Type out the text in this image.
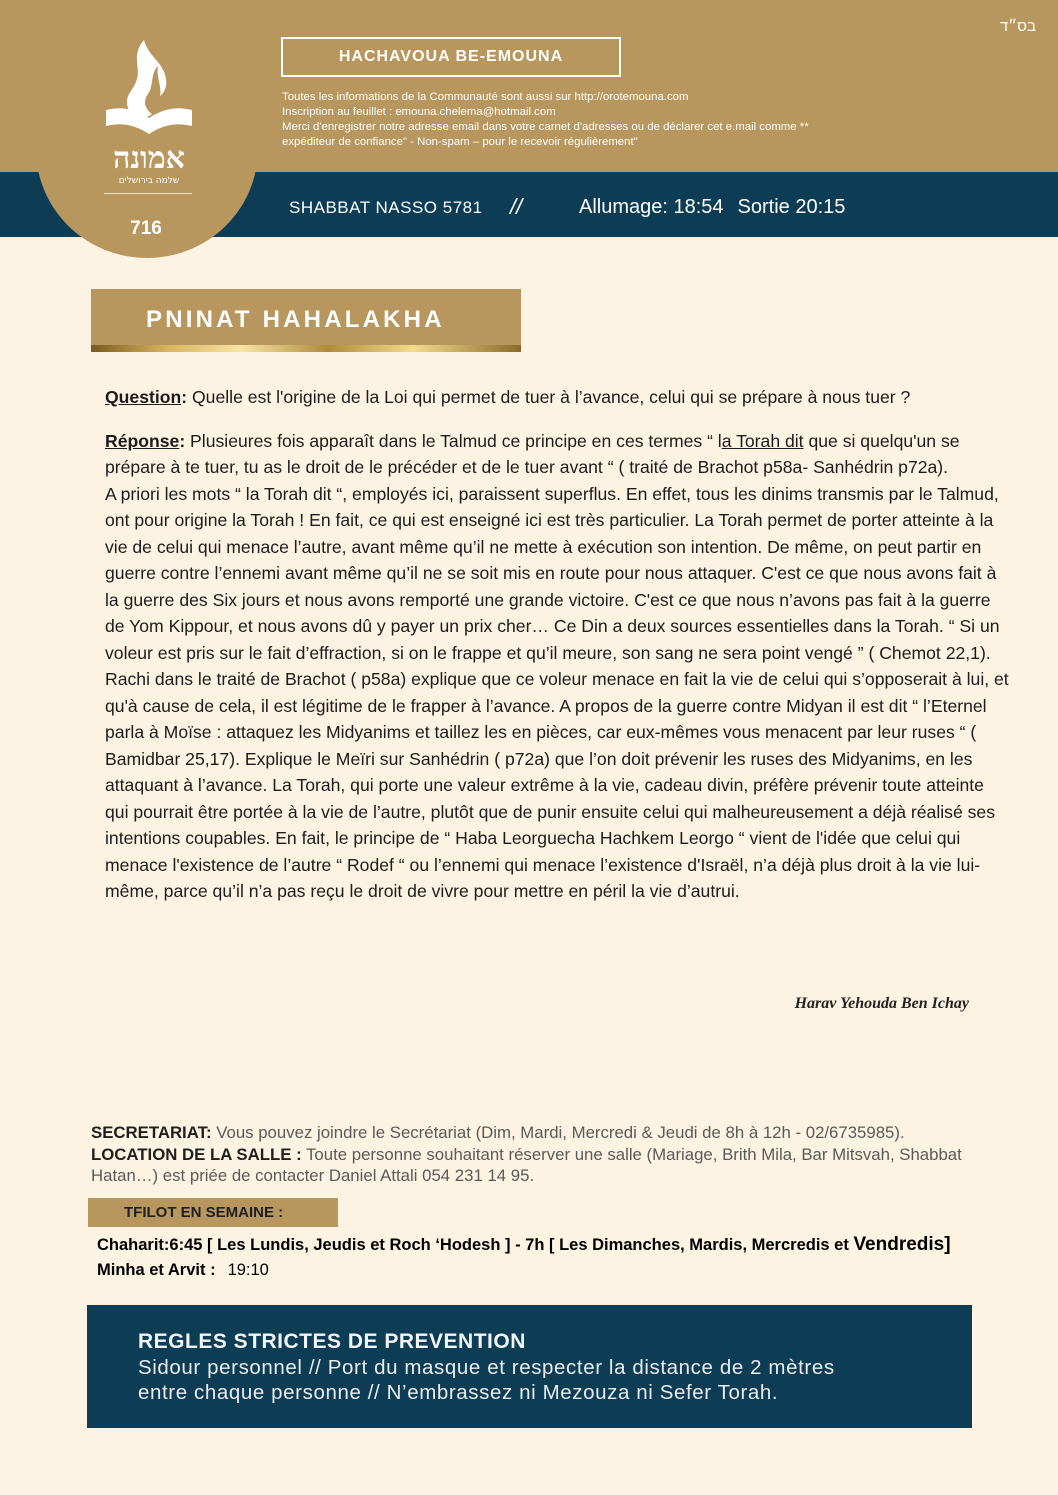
בס״ד
אמונה
שלמה בירושלים
716
HACHAVOUA BE-EMOUNA
Toutes les informations de la Communauté sont aussi sur http://orotemouna.com
Inscription au feuillet : emouna.chelema@hotmail.com
Merci d'enregistrer notre adresse email dans votre carnet d'adresses ou de déclarer cet e.mail comme **
expéditeur de confiance" - Non-spam – pour le recevoir régulièrement"
SHABBAT NASSO 5781 //	Allumage: 18:54 Sortie 20:15
PNINAT HAHALAKHA

Question: Quelle est l'origine de la Loi qui permet de tuer à l’avance, celui qui se prépare à nous tuer ?

Réponse: Plusieures fois apparaît dans le Talmud ce principe en ces termes “ la Torah dit que si quelqu'un se prépare à te tuer, tu as le droit de le précéder et de le tuer avant “ ( traité de Brachot p58a- Sanhédrin p72a).

A priori les mots “ la Torah dit “, employés ici, paraissent superflus. En effet, tous les dinims transmis par le Talmud, ont pour origine la Torah ! En fait, ce qui est enseigné ici est très particulier. La Torah permet de porter atteinte à la vie de celui qui menace l’autre, avant même qu’il ne mette à exécution son intention. De même, on peut partir en guerre contre l’ennemi avant même qu’il ne se soit mis en route pour nous attaquer. C'est ce que nous avons fait à la guerre des Six jours et nous avons remporté une grande victoire. C'est ce que nous n’avons pas fait à la guerre de Yom Kippour, et nous avons dû y payer un prix cher… Ce Din a deux sources essentielles dans la Torah. “ Si un voleur est pris sur le fait d’effraction, si on le frappe et qu’il meure, son sang ne sera point vengé ” ( Chemot 22,1). Rachi dans le traité de Brachot ( p58a) explique que ce voleur menace en fait la vie de celui qui s’opposerait à lui, et qu'à cause de cela, il est légitime de le frapper à l’avance. A propos de la guerre contre Midyan il est dit “ l’Eternel parla à Moïse : attaquez les Midyanims et taillez les en pièces, car eux-mêmes vous menacent par leur ruses “ ( Bamidbar 25,17). Explique le Meïri sur Sanhédrin ( p72a) que l’on doit prévenir les ruses des Midyanims, en les attaquant à l’avance. La Torah, qui porte une valeur extrême à la vie, cadeau divin, préfère prévenir toute atteinte qui pourrait être portée à la vie de l’autre, plutôt que de punir ensuite celui qui malheureusement a déjà réalisé ses intentions coupables. En fait, le principe de “ Haba Leorguecha Hachkem Leorgo “ vient de l'idée que celui qui menace l'existence de l’autre “ Rodef “ ou l’ennemi qui menace l’existence d'Israël, n’a déjà plus droit à la vie lui-même, parce qu’il n’a pas reçu le droit de vivre pour mettre en péril la vie d’autrui.

Harav Yehouda Ben Ichay
SECRETARIAT: Vous pouvez joindre le Secrétariat (Dim, Mardi, Mercredi & Jeudi de 8h à 12h - 02/6735985).
LOCATION DE LA SALLE : Toute personne souhaitant réserver une salle (Mariage, Brith Mila, Bar Mitsvah, Shabbat Hatan…) est priée de contacter Daniel Attali 054 231 14 95.
TFILOT EN SEMAINE :
Chaharit:6:45 [ Les Lundis, Jeudis et Roch ‘Hodesh ] - 7h [ Les Dimanches, Mardis, Mercredis et Vendredis]
Minha et Arvit : 19:10
REGLES STRICTES DE PREVENTION
Sidour personnel // Port du masque et respecter la distance de 2 mètres
entre chaque personne // N’embrassez ni Mezouza ni Sefer Torah.
